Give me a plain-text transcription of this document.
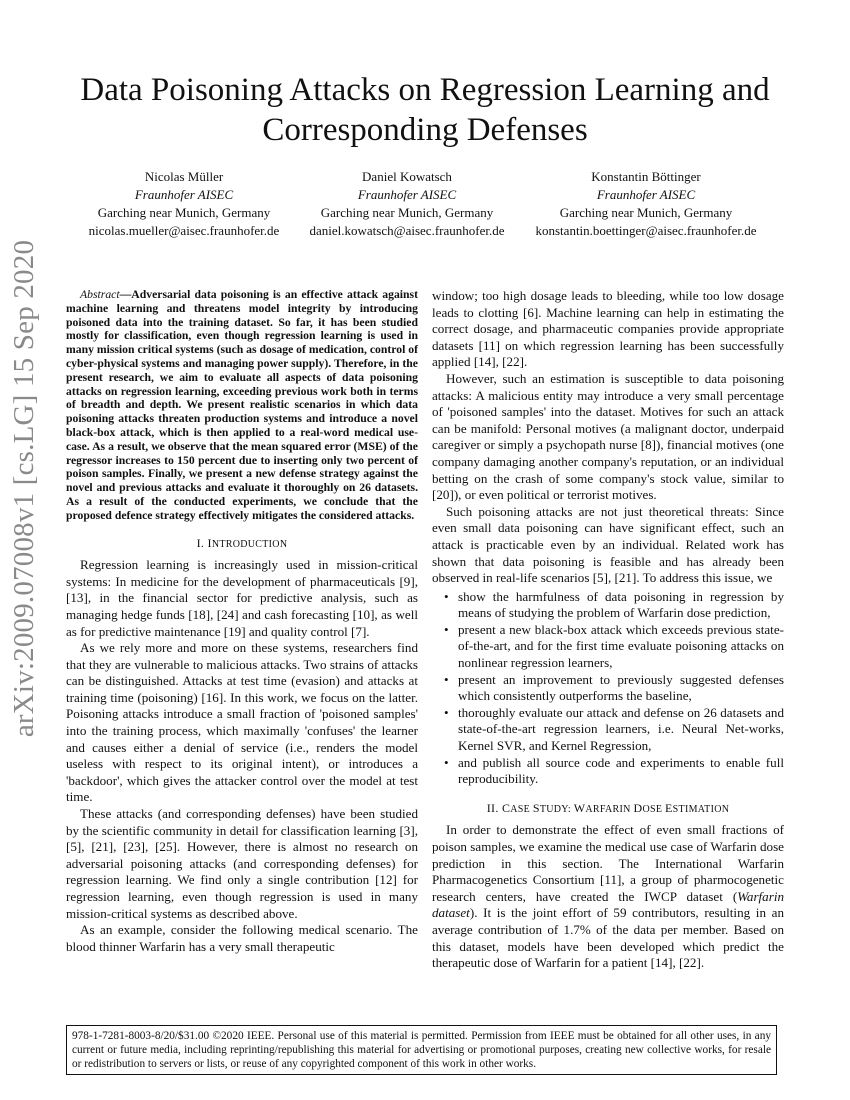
arXiv:2009.07008v1 [cs.LG] 15 Sep 2020
Data Poisoning Attacks on Regression Learning and
Corresponding Defenses
Nicolas Müller
Fraunhofer AISEC
Garching near Munich, Germany
nicolas.mueller@aisec.fraunhofer.de
Daniel Kowatsch
Fraunhofer AISEC
Garching near Munich, Germany
daniel.kowatsch@aisec.fraunhofer.de
Konstantin Böttinger
Fraunhofer AISEC
Garching near Munich, Germany
konstantin.boettinger@aisec.fraunhofer.de

Abstract—Adversarial data poisoning is an effective attack against machine learning and threatens model integrity by introducing poisoned data into the training dataset. So far, it has been studied mostly for classification, even though regression learning is used in many mission critical systems (such as dosage of medication, control of cyber-physical systems and managing power supply). Therefore, in the present research, we aim to evaluate all aspects of data poisoning attacks on regression learning, exceeding previous work both in terms of breadth and depth. We present realistic scenarios in which data poisoning attacks threaten production systems and introduce a novel black-box attack, which is then applied to a real-word medical use-case. As a result, we observe that the mean squared error (MSE) of the regressor increases to 150 percent due to inserting only two percent of poison samples. Finally, we present a new defense strategy against the novel and previous attacks and evaluate it thoroughly on 26 datasets. As a result of the conducted experiments, we conclude that the proposed defence strategy effectively mitigates the considered attacks.

I. INTRODUCTION

Regression learning is increasingly used in mission-critical systems: In medicine for the development of pharmaceuticals [9], [13], in the financial sector for predictive analysis, such as managing hedge funds [18], [24] and cash forecasting [10], as well as for predictive maintenance [19] and quality control [7].

As we rely more and more on these systems, researchers find that they are vulnerable to malicious attacks. Two strains of attacks can be distinguished. Attacks at test time (evasion) and attacks at training time (poisoning) [16]. In this work, we focus on the latter. Poisoning attacks introduce a small fraction of 'poisoned samples' into the training process, which maximally 'confuses' the learner and causes either a denial of service (i.e., renders the model useless with respect to its original intent), or introduces a 'backdoor', which gives the attacker control over the model at test time.

These attacks (and corresponding defenses) have been studied by the scientific community in detail for classification learning [3], [5], [21], [23], [25]. However, there is almost no research on adversarial poisoning attacks (and corresponding defenses) for regression learning. We find only a single contribution [12] for regression learning, even though regression is used in many mission-critical systems as described above.

As an example, consider the following medical scenario. The blood thinner Warfarin has a very small therapeutic

window; too high dosage leads to bleeding, while too low dosage leads to clotting [6]. Machine learning can help in estimating the correct dosage, and pharmaceutic companies provide appropriate datasets [11] on which regression learning has been successfully applied [14], [22].

However, such an estimation is susceptible to data poisoning attacks: A malicious entity may introduce a very small percentage of 'poisoned samples' into the dataset. Motives for such an attack can be manifold: Personal motives (a malignant doctor, underpaid caregiver or simply a psychopath nurse [8]), financial motives (one company damaging another company's reputation, or an individual betting on the crash of some company's stock value, similar to [20]), or even political or terrorist motives.

Such poisoning attacks are not just theoretical threats: Since even small data poisoning can have significant effect, such an attack is practicable even by an individual. Related work has shown that data poisoning is feasible and has already been observed in real-life scenarios [5], [21]. To address this issue, we

• show the harmfulness of data poisoning in regression by means of studying the problem of Warfarin dose prediction,
• present a new black-box attack which exceeds previous state-of-the-art, and for the first time evaluate poisoning attacks on nonlinear regression learners,
• present an improvement to previously suggested defenses which consistently outperforms the baseline,
• thoroughly evaluate our attack and defense on 26 datasets and state-of-the-art regression learners, i.e. Neural Net-works, Kernel SVR, and Kernel Regression,
• and publish all source code and experiments to enable full reproducibility.
II. CASE STUDY: WARFARIN DOSE ESTIMATION

In order to demonstrate the effect of even small fractions of poison samples, we examine the medical use case of Warfarin dose prediction in this section. The International Warfarin Pharmacogenetics Consortium [11], a group of pharmocogenetic research centers, have created the IWCP dataset (Warfarin dataset). It is the joint effort of 59 contributors, resulting in an average contribution of 1.7% of the data per member. Based on this dataset, models have been developed which predict the therapeutic dose of Warfarin for a patient [14], [22].

978-1-7281-8003-8/20/$31.00 ©2020 IEEE. Personal use of this material is permitted. Permission from IEEE must be obtained for all other uses, in any current or future media, including reprinting/republishing this material for advertising or promotional purposes, creating new collective works, for resale or redistribution to servers or lists, or reuse of any copyrighted component of this work in other works.
